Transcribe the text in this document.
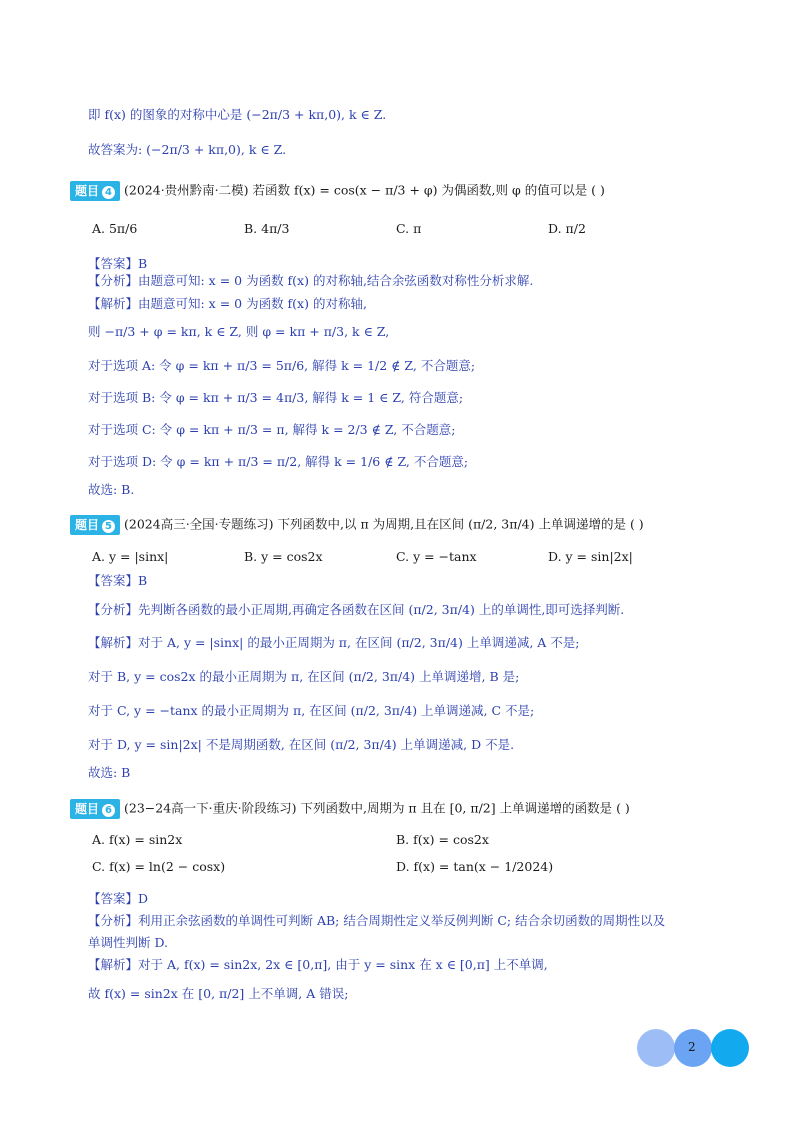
即 f(x) 的图象的对称中心是 (−2π/3 + kπ,0), k ∈ Z.
故答案为: (−2π/3 + kπ,0), k ∈ Z.
题目 4 (2024·贵州黔南·二模) 若函数 f(x) = cos(x − π/3 + φ) 为偶函数,则 φ 的值可以是 ( )
A. 5π/6	B. 4π/3	C. π	D. π/2
【答案】B
【分析】由题意可知: x = 0 为函数 f(x) 的对称轴,结合余弦函数对称性分析求解.
【解析】由题意可知: x = 0 为函数 f(x) 的对称轴,
则 −π/3 + φ = kπ, k ∈ Z, 则 φ = kπ + π/3, k ∈ Z,
对于选项 A: 令 φ = kπ + π/3 = 5π/6, 解得 k = 1/2 ∉ Z, 不合题意;
对于选项 B: 令 φ = kπ + π/3 = 4π/3, 解得 k = 1 ∈ Z, 符合题意;
对于选项 C: 令 φ = kπ + π/3 = π, 解得 k = 2/3 ∉ Z, 不合题意;
对于选项 D: 令 φ = kπ + π/3 = π/2, 解得 k = 1/6 ∉ Z, 不合题意;
故选: B.
题目 5 (2024高三·全国·专题练习) 下列函数中,以 π 为周期,且在区间 (π/2, 3π/4) 上单调递增的是 ( )
A. y = |sinx|	B. y = cos2x	C. y = −tanx	D. y = sin|2x|
【答案】B
【分析】先判断各函数的最小正周期,再确定各函数在区间 (π/2, 3π/4) 上的单调性,即可选择判断.
【解析】对于 A, y = |sinx| 的最小正周期为 π, 在区间 (π/2, 3π/4) 上单调递减, A 不是;
对于 B, y = cos2x 的最小正周期为 π, 在区间 (π/2, 3π/4) 上单调递增, B 是;
对于 C, y = −tanx 的最小正周期为 π, 在区间 (π/2, 3π/4) 上单调递减, C 不是;
对于 D, y = sin|2x| 不是周期函数, 在区间 (π/2, 3π/4) 上单调递减, D 不是.
故选: B
题目 6 (23−24高一下·重庆·阶段练习) 下列函数中,周期为 π 且在 [0, π/2] 上单调递增的函数是 ( )
A. f(x) = sin2x	B. f(x) = cos2x
C. f(x) = ln(2 − cosx)	D. f(x) = tan(x − 1/2024)
【答案】D
【分析】利用正余弦函数的单调性可判断 AB; 结合周期性定义举反例判断 C; 结合余切函数的周期性以及
单调性判断 D.
【解析】对于 A, f(x) = sin2x, 2x ∈ [0,π], 由于 y = sinx 在 x ∈ [0,π] 上不单调,
故 f(x) = sin2x 在 [0, π/2] 上不单调, A 错误;
2
